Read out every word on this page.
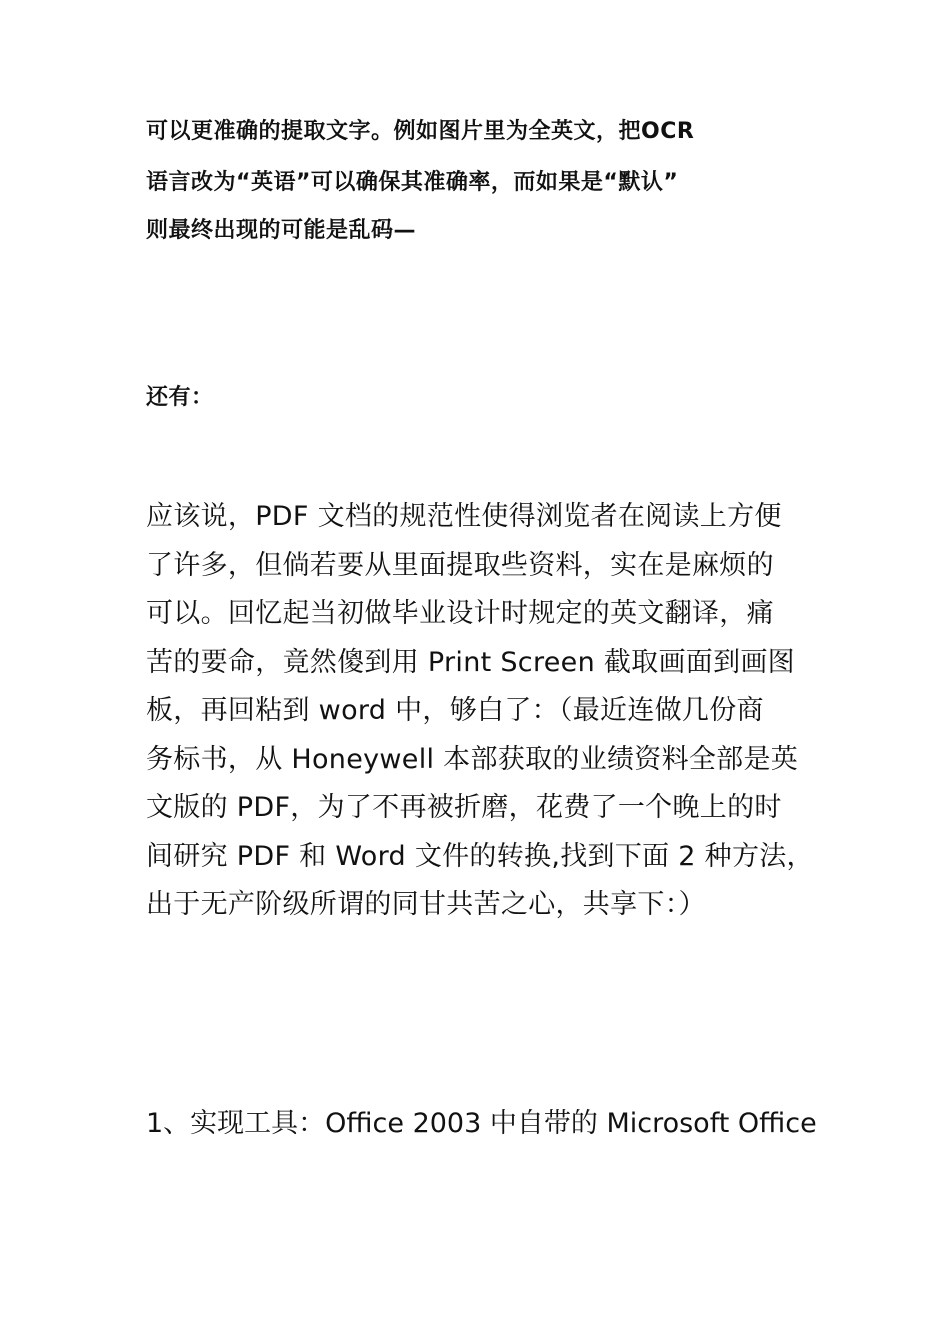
可以更准确的提取文字。例如图片里为全英文，把OCR
语言改为“英语”可以确保其准确率，而如果是“默认”
则最终出现的可能是乱码—
还有：
应该说，PDF 文档的规范性使得浏览者在阅读上方便
了许多，但倘若要从里面提取些资料，实在是麻烦的
可以。回忆起当初做毕业设计时规定的英文翻译，痛
苦的要命，竟然傻到用 Print Screen 截取画面到画图
板，再回粘到 word 中，够白了：（最近连做几份商
务标书，从 Honeywell 本部获取的业绩资料全部是英
文版的 PDF，为了不再被折磨，花费了一个晚上的时
间研究 PDF 和 Word 文件的转换,找到下面 2 种方法，
出于无产阶级所谓的同甘共苦之心，共享下：）
1、实现工具：Office 2003 中自带的 Microsoft Office
